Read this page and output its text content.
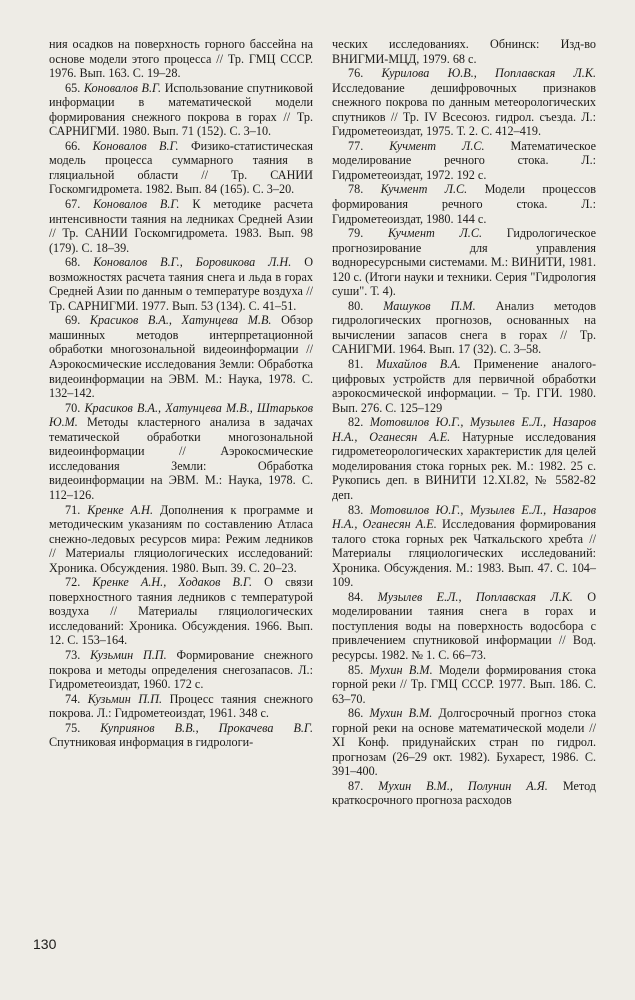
ния осадков на поверхность горного бассейна на основе модели этого процесса // Тр. ГМЦ СССР. 1976. Вып. 163. С. 19–28.

65. Коновалов В.Г. Использование спутниковой информации в математической модели формирования снежного покрова в горах // Тр. САРНИГМИ. 1980. Вып. 71 (152). С. 3–10.

66. Коновалов В.Г. Физико-статистическая модель процесса суммарного таяния в гляциальной области // Тр. САНИИ Госкомгидромета. 1982. Вып. 84 (165). С. 3–20.

67. Коновалов В.Г. К методике расчета интенсивности таяния на ледниках Средней Азии // Тр. САНИИ Госкомгидромета. 1983. Вып. 98 (179). С. 18–39.

68. Коновалов В.Г., Боровикова Л.Н. О возможностях расчета таяния снега и льда в горах Средней Азии по данным о температуре воздуха // Тр. САРНИГМИ. 1977. Вып. 53 (134). С. 41–51.

69. Красиков В.А., Хатунцева М.В. Обзор машинных методов интерпретационной обработки многозональной видеоинформации // Аэрокосмические исследования Земли: Обработка видеоинформации на ЭВМ. М.: Наука, 1978. С. 132–142.

70. Красиков В.А., Хатунцева М.В., Штарьков Ю.М. Методы кластерного анализа в задачах тематической обработки многозональной видеоинформации // Аэрокосмические исследования Земли: Обработка видеоинформации на ЭВМ. М.: Наука, 1978. С. 112–126.

71. Кренке А.Н. Дополнения к программе и методическим указаниям по составлению Атласа снежно-ледовых ресурсов мира: Режим ледников // Материалы гляциологических исследований: Хроника. Обсуждения. 1980. Вып. 39. С. 20–23.

72. Кренке А.Н., Ходаков В.Г. О связи поверхностного таяния ледников с температурой воздуха // Материалы гляциологических исследований: Хроника. Обсуждения. 1966. Вып. 12. С. 153–164.

73. Кузьмин П.П. Формирование снежного покрова и методы определения снегозапасов. Л.: Гидрометеоиздат, 1960. 172 с.

74. Кузьмин П.П. Процесс таяния снежного покрова. Л.: Гидрометеоиздат, 1961. 348 с.

75. Куприянов В.В., Прокачева В.Г. Спутниковая информация в гидрологи-

ческих исследованиях. Обнинск: Изд-во ВНИГМИ-МЦД, 1979. 68 с.

76. Курилова Ю.В., Поплавская Л.К. Исследование дешифровочных признаков снежного покрова по данным метеорологических спутников // Тр. IV Всесоюз. гидрол. съезда. Л.: Гидрометеоиздат, 1975. Т. 2. С. 412–419.

77. Кучмент Л.С. Математическое моделирование речного стока. Л.: Гидрометеоиздат, 1972. 192 с.

78. Кучмент Л.С. Модели процессов формирования речного стока. Л.: Гидрометеоиздат, 1980. 144 с.

79. Кучмент Л.С. Гидрологическое прогнозирование для управления водноресурсными системами. М.: ВИНИТИ, 1981. 120 с. (Итоги науки и техники. Серия "Гидрология суши". Т. 4).

80. Машуков П.М. Анализ методов гидрологических прогнозов, основанных на вычислении запасов снега в горах // Тр. САНИГМИ. 1964. Вып. 17 (32). С. 3–58.

81. Михайлов В.А. Применение аналого-цифровых устройств для первичной обработки аэрокосмической информации. – Тр. ГГИ. 1980. Вып. 276. С. 125–129

82. Мотовилов Ю.Г., Музылев Е.Л., Назаров Н.А., Оганесян А.Е. Натурные исследования гидрометеорологических характеристик для целей моделирования стока горных рек. М.: 1982. 25 с. Рукопись деп. в ВИНИТИ 12.XI.82, № 5582-82 деп.

83. Мотовилов Ю.Г., Музылев Е.Л., Назаров Н.А., Оганесян А.Е. Исследования формирования талого стока горных рек Чаткальского хребта // Материалы гляциологических исследований: Хроника. Обсуждения. М.: 1983. Вып. 47. С. 104–109.

84. Музылев Е.Л., Поплавская Л.К. О моделировании таяния снега в горах и поступления воды на поверхность водосбора с привлечением спутниковой информации // Вод. ресурсы. 1982. № 1. С. 66–73.

85. Мухин В.М. Модели формирования стока горной реки // Тр. ГМЦ СССР. 1977. Вып. 186. С. 63–70.

86. Мухин В.М. Долгосрочный прогноз стока горной реки на основе математической модели // XI Конф. придунайских стран по гидрол. прогнозам (26–29 окт. 1982). Бухарест, 1986. С. 391–400.

87. Мухин В.М., Полунин А.Я. Метод краткосрочного прогноза расходов

130
